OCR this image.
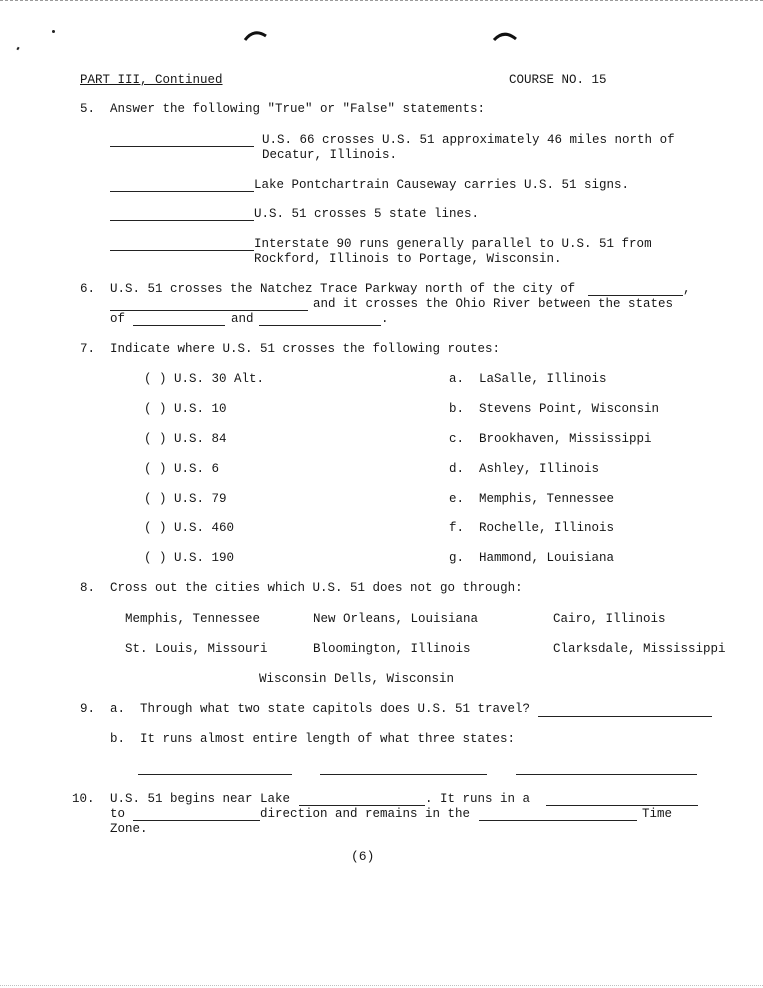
PART III, Continued	COURSE NO. 15
5. Answer the following "True" or "False" statements:
U.S. 66 crosses U.S. 51 approximately 46 miles north of
Decatur, Illinois.
Lake Pontchartrain Causeway carries U.S. 51 signs.
U.S. 51 crosses 5 state lines.
Interstate 90 runs generally parallel to U.S. 51 from
Rockford, Illinois to Portage, Wisconsin.
6. U.S. 51 crosses the Natchez Trace Parkway north of the city of	,
and it crosses the Ohio River between the states
of	and	.
7. Indicate where U.S. 51 crosses the following routes:
( ) U.S. 30 Alt.	a. LaSalle, Illinois
( ) U.S. 10	b. Stevens Point, Wisconsin
( ) U.S. 84	c. Brookhaven, Mississippi
( ) U.S. 6	d. Ashley, Illinois
( ) U.S. 79	e. Memphis, Tennessee
( ) U.S. 460	f. Rochelle, Illinois
( ) U.S. 190	g. Hammond, Louisiana
8. Cross out the cities which U.S. 51 does not go through:
Memphis, Tennessee	New Orleans, Louisiana	Cairo, Illinois
St. Louis, Missouri	Bloomington, Illinois	Clarksdale, Mississippi
Wisconsin Dells, Wisconsin
9. a. Through what two state capitols does U.S. 51 travel?
b. It runs almost entire length of what three states:
10. U.S. 51 begins near Lake	. It runs in a
to	direction and remains in the	Time
Zone.
(6)
